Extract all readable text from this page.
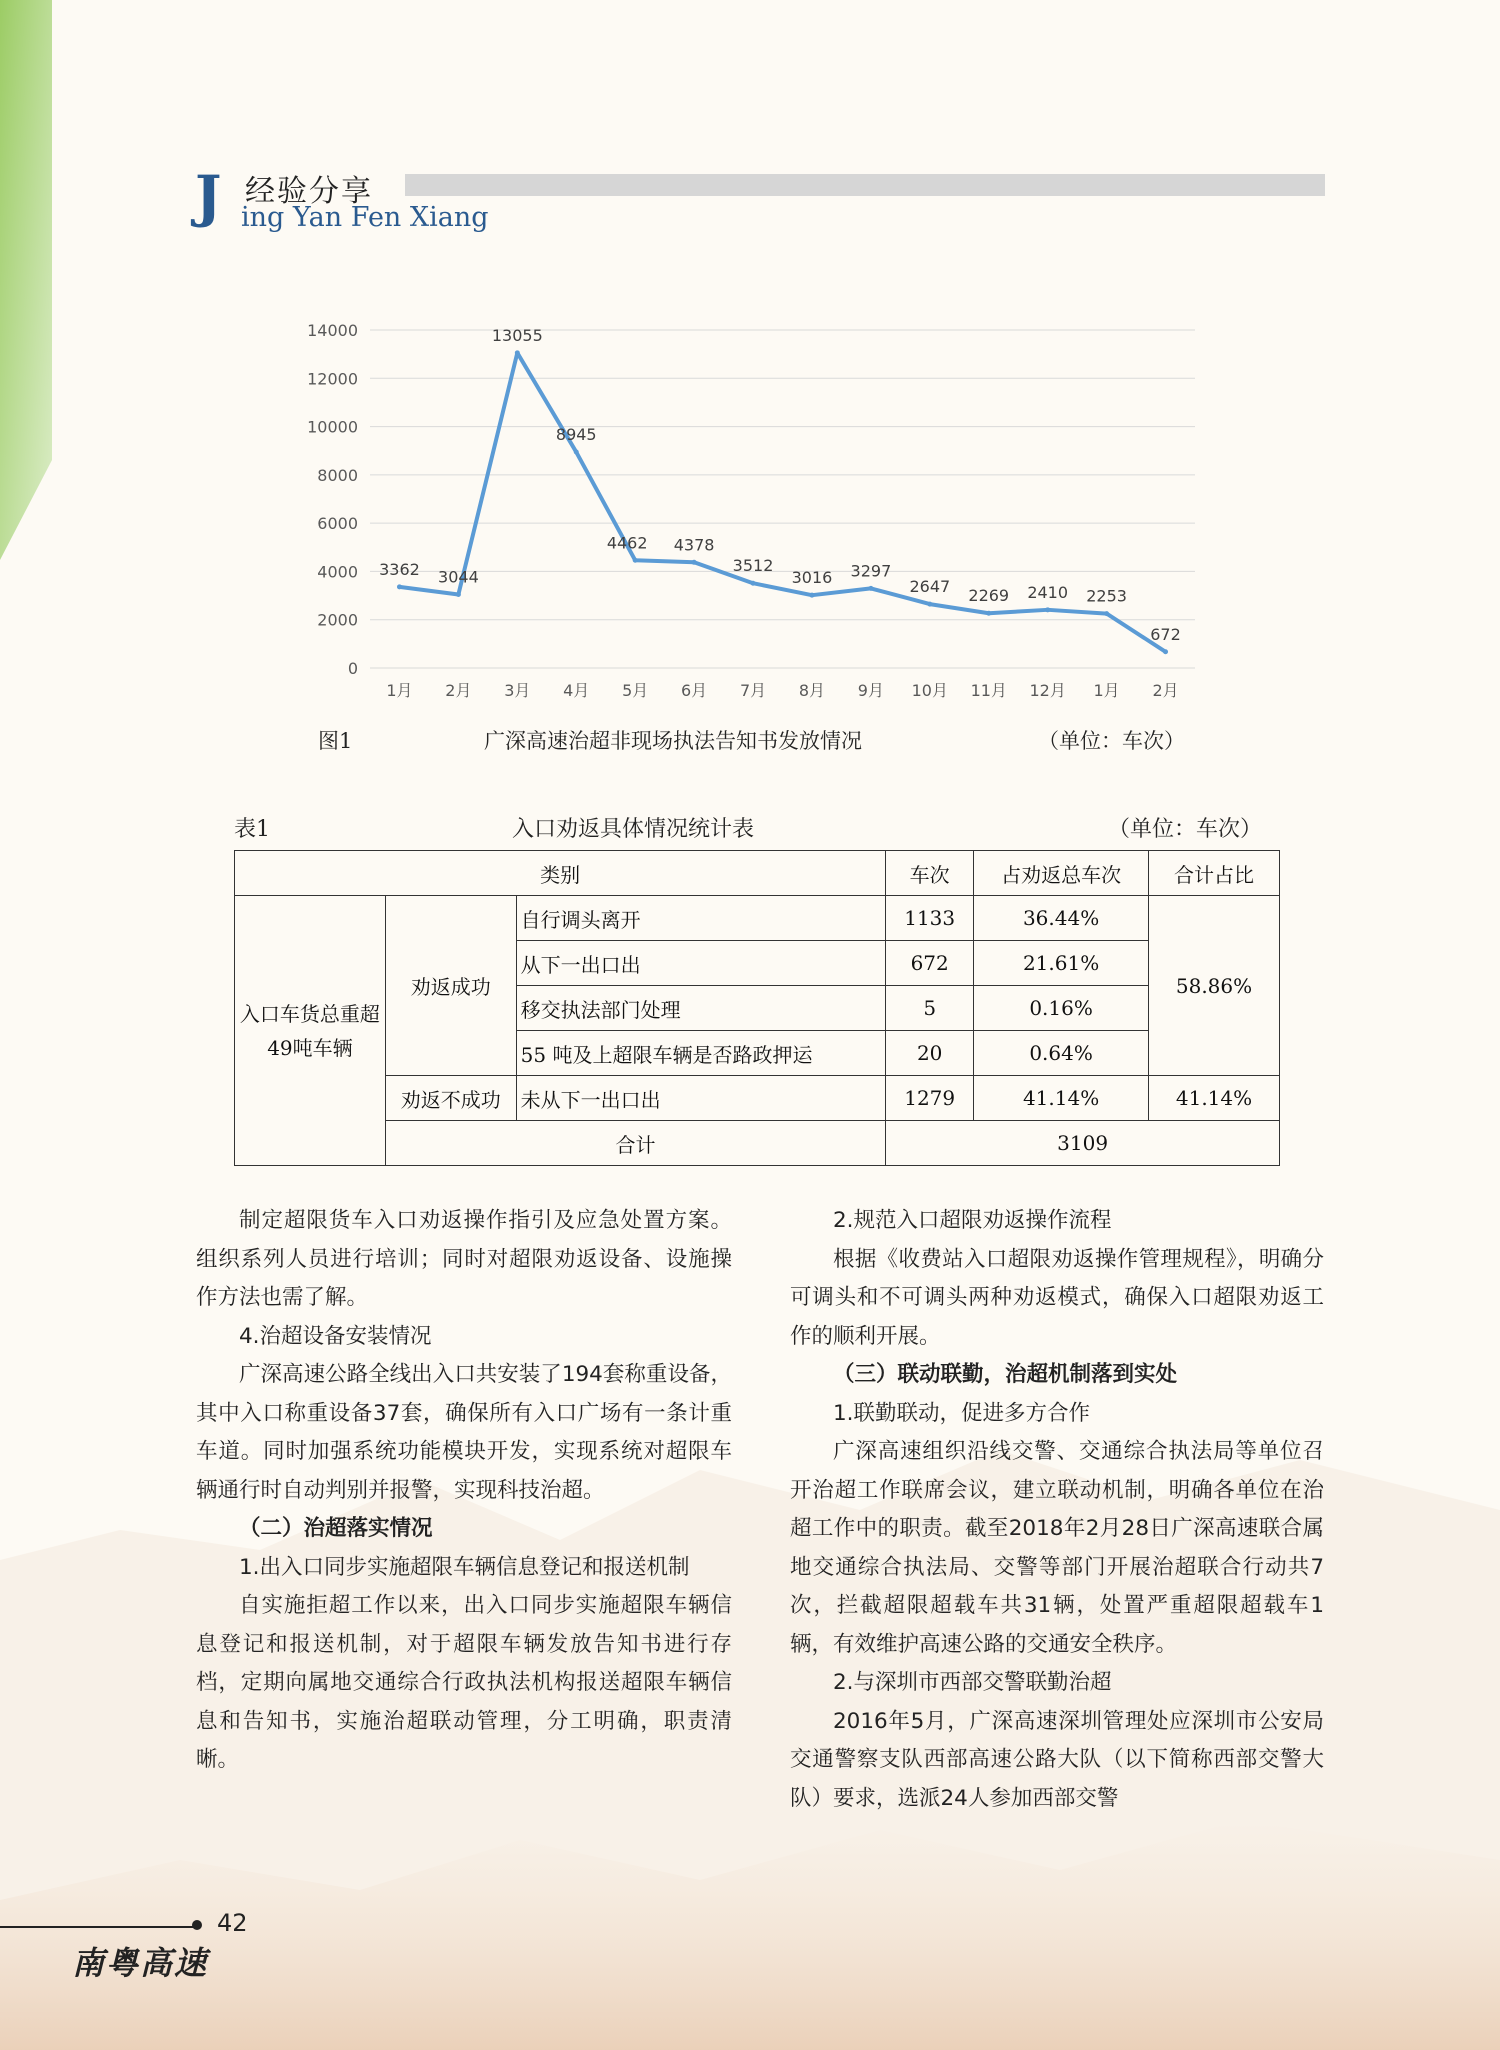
J 经验分享
ing Yan Fen Xiang
0
2000
4000
6000
8000
10000
12000
14000
1月 2月 3月 4月 5月 6月 7月 8月 9月 10月 11月 12月 1月 2月
3362 3044
13055
8945
4462 4378
3512
3016 3297
2647 2269 2410 2253
672
图1	广深高速治超非现场执法告知书发放情况	（单位：车次）
表1	入口劝返具体情况统计表	（单位：车次）
类别			车次	占劝返总车次	合计占比
入口车货总重超49吨车辆	劝返成功	自行调头离开	1133	36.44%	58.86%
		从下一出口出	672	21.61%	
		移交执法部门处理	5	0.16%	
		55 吨及上超限车辆是否路政押运	20	0.64%	
	劝返不成功	未从下一出口出	1279	41.14%	41.14%
	合计		3109		

制定超限货车入口劝返操作指引及应急处置方案。组织系列人员进行培训；同时对超限劝返设备、设施操作方法也需了解。

4.治超设备安装情况

广深高速公路全线出入口共安装了194套称重设备，其中入口称重设备37套，确保所有入口广场有一条计重车道。同时加强系统功能模块开发，实现系统对超限车辆通行时自动判别并报警，实现科技治超。

（二）治超落实情况

1.出入口同步实施超限车辆信息登记和报送机制

自实施拒超工作以来，出入口同步实施超限车辆信息登记和报送机制，对于超限车辆发放告知书进行存档，定期向属地交通综合行政执法机构报送超限车辆信息和告知书，实施治超联动管理，分工明确，职责清晰。

2.规范入口超限劝返操作流程

根据《收费站入口超限劝返操作管理规程》，明确分可调头和不可调头两种劝返模式，确保入口超限劝返工作的顺利开展。

（三）联动联勤，治超机制落到实处

1.联勤联动，促进多方合作

广深高速组织沿线交警、交通综合执法局等单位召开治超工作联席会议，建立联动机制，明确各单位在治超工作中的职责。截至2018年2月28日广深高速联合属地交通综合执法局、交警等部门开展治超联合行动共7次，拦截超限超载车共31辆，处置严重超限超载车1辆，有效维护高速公路的交通安全秩序。

2.与深圳市西部交警联勤治超

2016年5月，广深高速深圳管理处应深圳市公安局交通警察支队西部高速公路大队（以下简称西部交警大队）要求，选派24人参加西部交警

42
南粤高速
